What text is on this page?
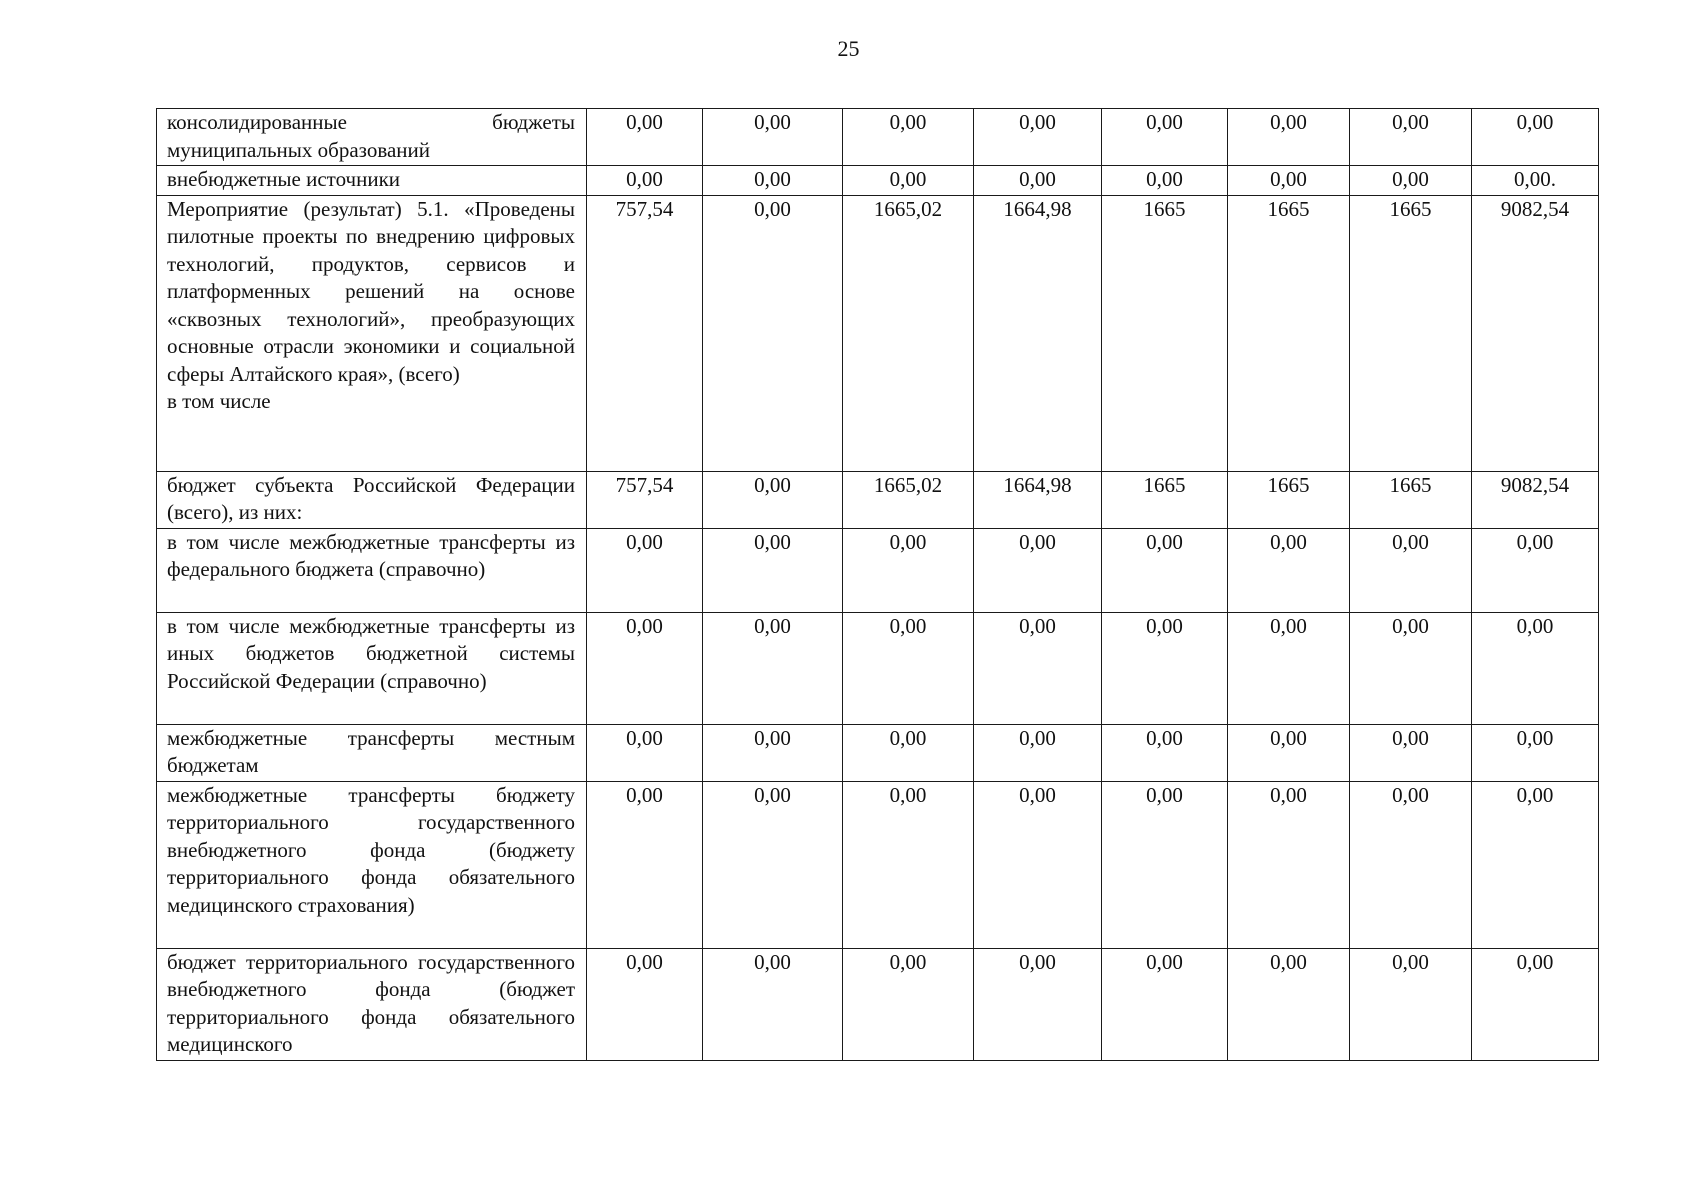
25
консолидированные бюджеты муниципальных образований	0,00	0,00	0,00	0,00	0,00	0,00	0,00	0,00
внебюджетные источники	0,00	0,00	0,00	0,00	0,00	0,00	0,00	0,00.

Мероприятие (результат) 5.1. «Проведены пилотные проекты по внедрению цифровых технологий, продуктов, сервисов и платформенных решений на основе «сквозных технологий», преобразующих основные отрасли экономики и социальной сферы Алтайского края», (всего)
в том числе	757,54	0,00	1665,02	1664,98	1665	1665	1665	9082,54
бюджет субъекта Российской Федерации (всего), из них:	757,54	0,00	1665,02	1664,98	1665	1665	1665	9082,54
в том числе межбюджетные трансферты из федерального бюджета (справочно)	0,00	0,00	0,00	0,00	0,00	0,00	0,00	0,00
в том числе межбюджетные трансферты из иных бюджетов бюджетной системы Российской Федерации (справочно)	0,00	0,00	0,00	0,00	0,00	0,00	0,00	0,00
межбюджетные трансферты местным бюджетам	0,00	0,00	0,00	0,00	0,00	0,00	0,00	0,00
межбюджетные трансферты бюджету территориального государственного внебюджетного фонда (бюджету территориального фонда обязательного медицинского страхования)	0,00	0,00	0,00	0,00	0,00	0,00	0,00	0,00
бюджет территориального государственного внебюджетного фонда (бюджет территориального фонда обязательного медицинского	0,00	0,00	0,00	0,00	0,00	0,00	0,00	0,00
